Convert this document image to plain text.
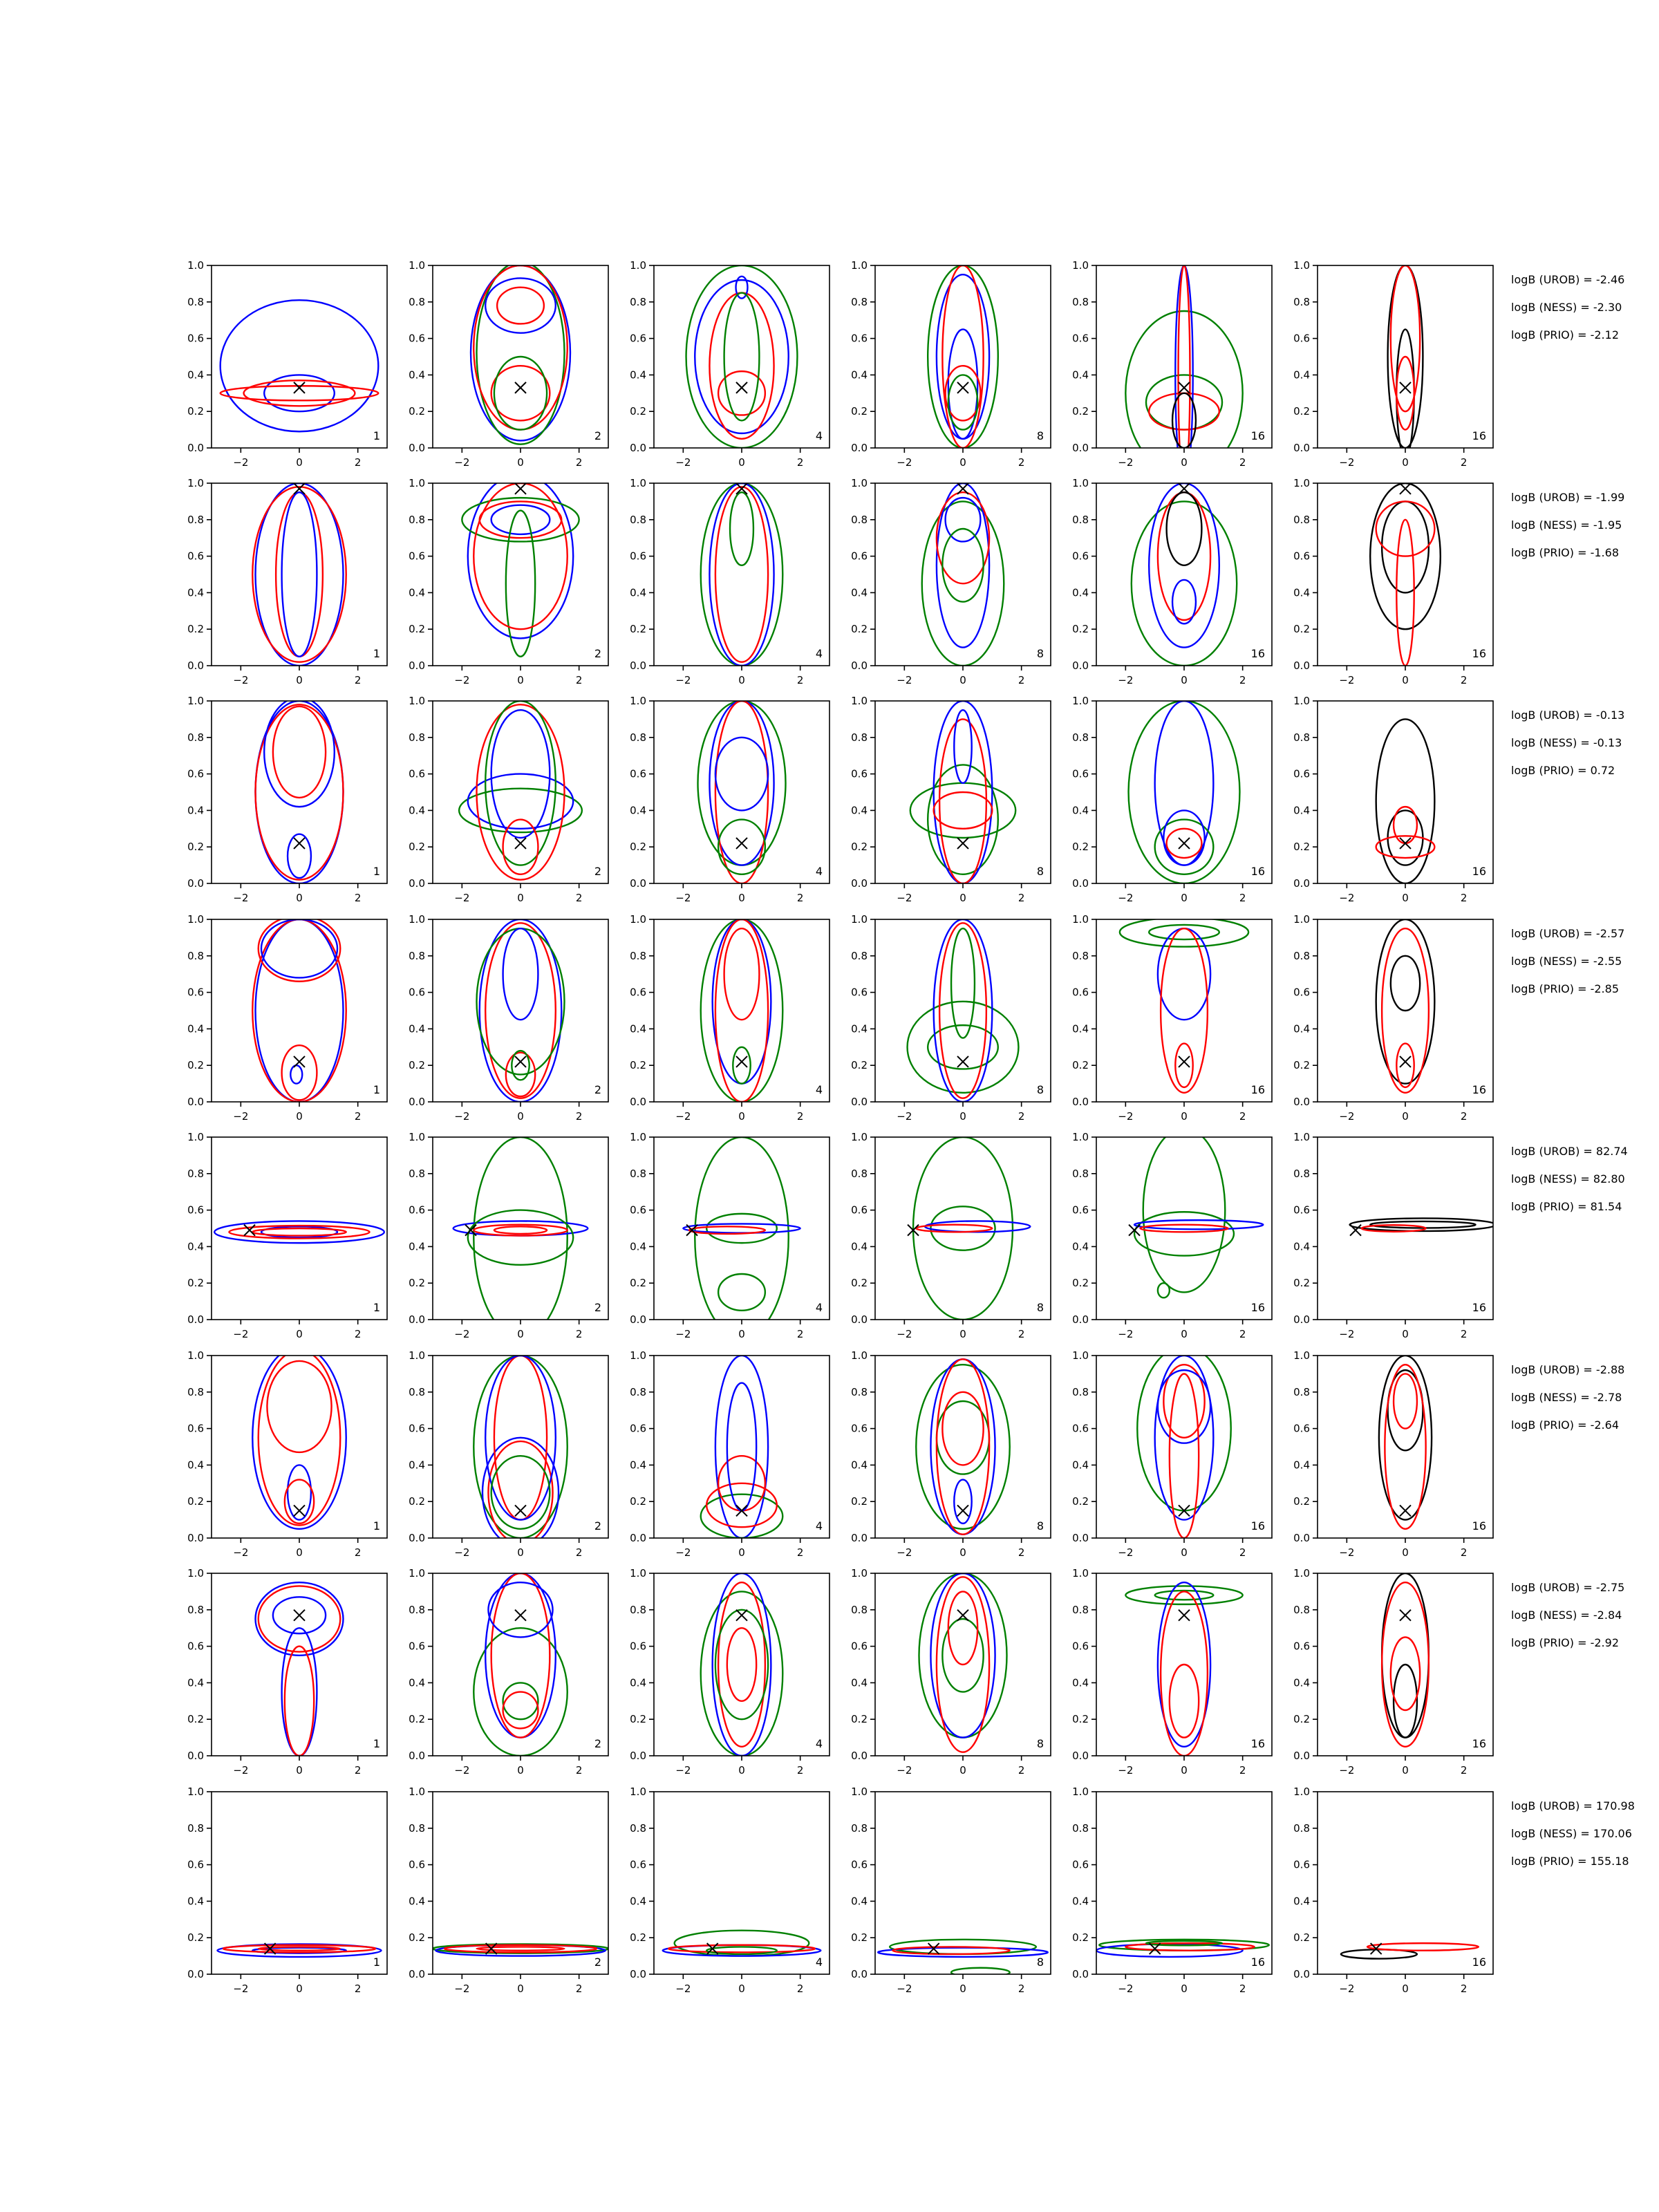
−2	0	2
0.0
0.2
0.4
0.6
0.8
1.0
1
−2	0	2
0.0
0.2
0.4
0.6
0.8
1.0
2
−2	0	2
0.0
0.2
0.4
0.6
0.8
1.0
4
−2	0	2
0.0
0.2
0.4
0.6
0.8
1.0
8
−2	0	2
0.0
0.2
0.4
0.6
0.8
1.0
16
−2	0	2
0.0
0.2
0.4
0.6
0.8
1.0
16
logB (UROB) = -2.46
logB (NESS) = -2.30
logB (PRIO) = -2.12
−2	0	2
0.0
0.2
0.4
0.6
0.8
1.0
1
−2	0	2
0.0
0.2
0.4
0.6
0.8
1.0
2
−2	0	2
0.0
0.2
0.4
0.6
0.8
1.0
4
−2	0	2
0.0
0.2
0.4
0.6
0.8
1.0
8
−2	0	2
0.0
0.2
0.4
0.6
0.8
1.0
16
−2	0	2
0.0
0.2
0.4
0.6
0.8
1.0
16
logB (UROB) = -1.99
logB (NESS) = -1.95
logB (PRIO) = -1.68
−2	0	2
0.0
0.2
0.4
0.6
0.8
1.0
1
−2	0	2
0.0
0.2
0.4
0.6
0.8
1.0
2
−2	0	2
0.0
0.2
0.4
0.6
0.8
1.0
4
−2	0	2
0.0
0.2
0.4
0.6
0.8
1.0
8
−2	0	2
0.0
0.2
0.4
0.6
0.8
1.0
16
−2	0	2
0.0
0.2
0.4
0.6
0.8
1.0
16
logB (UROB) = -0.13
logB (NESS) = -0.13
logB (PRIO) = 0.72
−2	0	2
0.0
0.2
0.4
0.6
0.8
1.0
1
−2	0	2
0.0
0.2
0.4
0.6
0.8
1.0
2
−2	0	2
0.0
0.2
0.4
0.6
0.8
1.0
4
−2	0	2
0.0
0.2
0.4
0.6
0.8
1.0
8
−2	0	2
0.0
0.2
0.4
0.6
0.8
1.0
16
−2	0	2
0.0
0.2
0.4
0.6
0.8
1.0
16
logB (UROB) = -2.57
logB (NESS) = -2.55
logB (PRIO) = -2.85
−2	0	2
0.0
0.2
0.4
0.6
0.8
1.0
1
−2	0	2
0.0
0.2
0.4
0.6
0.8
1.0
2
−2	0	2
0.0
0.2
0.4
0.6
0.8
1.0
4
−2	0	2
0.0
0.2
0.4
0.6
0.8
1.0
8
−2	0	2
0.0
0.2
0.4
0.6
0.8
1.0
16
−2	0	2
0.0
0.2
0.4
0.6
0.8
1.0
16
logB (UROB) = 82.74
logB (NESS) = 82.80
logB (PRIO) = 81.54
−2	0	2
0.0
0.2
0.4
0.6
0.8
1.0
1
−2	0	2
0.0
0.2
0.4
0.6
0.8
1.0
2
−2	0	2
0.0
0.2
0.4
0.6
0.8
1.0
4
−2	0	2
0.0
0.2
0.4
0.6
0.8
1.0
8
−2	0	2
0.0
0.2
0.4
0.6
0.8
1.0
16
−2	0	2
0.0
0.2
0.4
0.6
0.8
1.0
16
logB (UROB) = -2.88
logB (NESS) = -2.78
logB (PRIO) = -2.64
−2	0	2
0.0
0.2
0.4
0.6
0.8
1.0
1
−2	0	2
0.0
0.2
0.4
0.6
0.8
1.0
2
−2	0	2
0.0
0.2
0.4
0.6
0.8
1.0
4
−2	0	2
0.0
0.2
0.4
0.6
0.8
1.0
8
−2	0	2
0.0
0.2
0.4
0.6
0.8
1.0
16
−2	0	2
0.0
0.2
0.4
0.6
0.8
1.0
16
logB (UROB) = -2.75
logB (NESS) = -2.84
logB (PRIO) = -2.92
−2	0	2
0.0
0.2
0.4
0.6
0.8
1.0
1
−2	0	2
0.0
0.2
0.4
0.6
0.8
1.0
2
−2	0	2
0.0
0.2
0.4
0.6
0.8
1.0
4
−2	0	2
0.0
0.2
0.4
0.6
0.8
1.0
8
−2	0	2
0.0
0.2
0.4
0.6
0.8
1.0
16
−2	0	2
0.0
0.2
0.4
0.6
0.8
1.0
16
logB (UROB) = 170.98
logB (NESS) = 170.06
logB (PRIO) = 155.18
